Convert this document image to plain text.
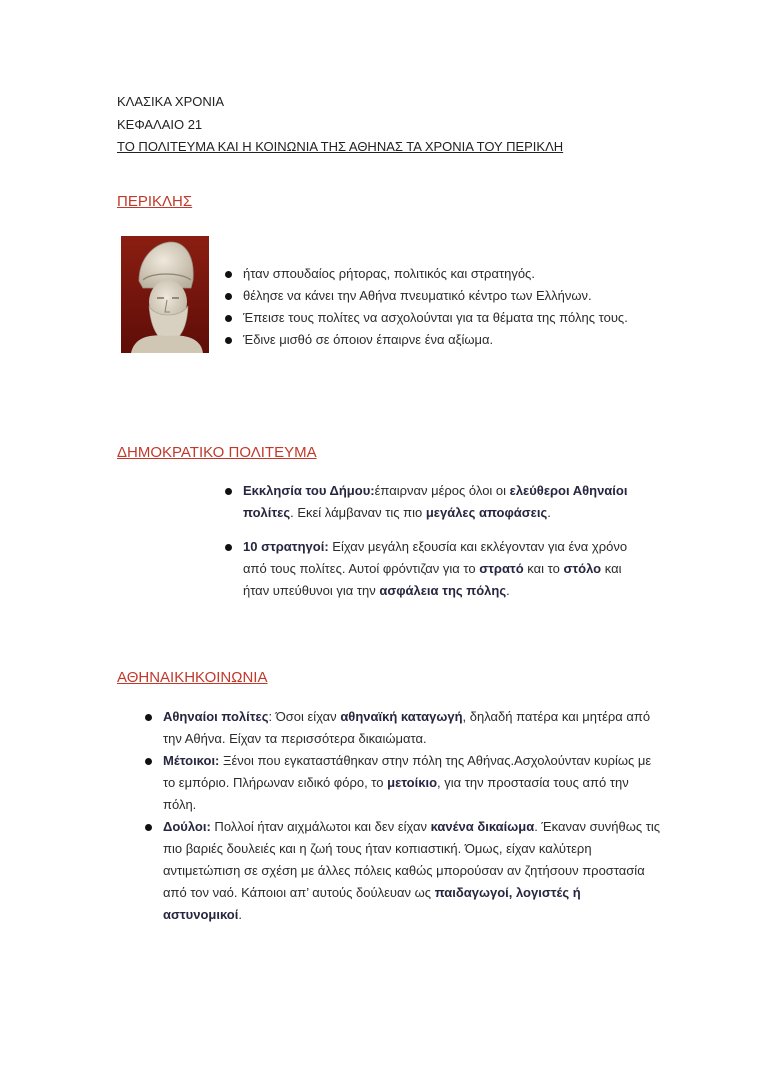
ΚΛΑΣΙΚΑ ΧΡΟΝΙΑ
ΚΕΦΑΛΑΙΟ 21
ΤΟ ΠΟΛΙΤΕΥΜΑ ΚΑΙ Η ΚΟΙΝΩΝΙΑ ΤΗΣ ΑΘΗΝΑΣ ΤΑ ΧΡΟΝΙΑ ΤΟΥ ΠΕΡΙΚΛΗ
ΠΕΡΙΚΛΗΣ
ήταν σπουδαίος ρήτορας, πολιτικός και στρατηγός.
θέλησε να κάνει την Αθήνα πνευματικό κέντρο των Ελλήνων.
Έπεισε τους πολίτες να ασχολούνται για τα θέματα της πόλης τους.
Έδινε μισθό σε όποιον έπαιρνε ένα αξίωμα.
ΔΗΜΟΚΡΑΤΙΚΟ ΠΟΛΙΤΕΥΜΑ
Εκκλησία του Δήμου:έπαιρναν μέρος όλοι οι ελεύθεροι Αθηναίοι πολίτες. Εκεί λάμβαναν τις πιο μεγάλες αποφάσεις.
10 στρατηγοί: Είχαν μεγάλη εξουσία και εκλέγονταν για ένα χρόνο από τους πολίτες. Αυτοί φρόντιζαν για το στρατό και το στόλο και ήταν υπεύθυνοι για την ασφάλεια της πόλης.
ΑΘΗΝΑΙΚΗΚΟΙΝΩΝΙΑ
Αθηναίοι πολίτες: Όσοι είχαν αθηναϊκή καταγωγή, δηλαδή πατέρα και μητέρα από την Αθήνα. Είχαν τα περισσότερα δικαιώματα.
Μέτοικοι: Ξένοι που εγκαταστάθηκαν στην πόλη της Αθήνας.Ασχολούνταν κυρίως με το εμπόριο. Πλήρωναν ειδικό φόρο, το μετοίκιο, για την προστασία τους από την πόλη.
Δούλοι: Πολλοί ήταν αιχμάλωτοι και δεν είχαν κανένα δικαίωμα. Έκαναν συνήθως τις πιο βαριές δουλειές και η ζωή τους ήταν κοπιαστική. Όμως, είχαν καλύτερη αντιμετώπιση σε σχέση με άλλες πόλεις καθώς μπορούσαν αν ζητήσουν προστασία από τον ναό. Κάποιοι απ’ αυτούς δούλευαν ως παιδαγωγοί, λογιστές ή αστυνομικοί.
